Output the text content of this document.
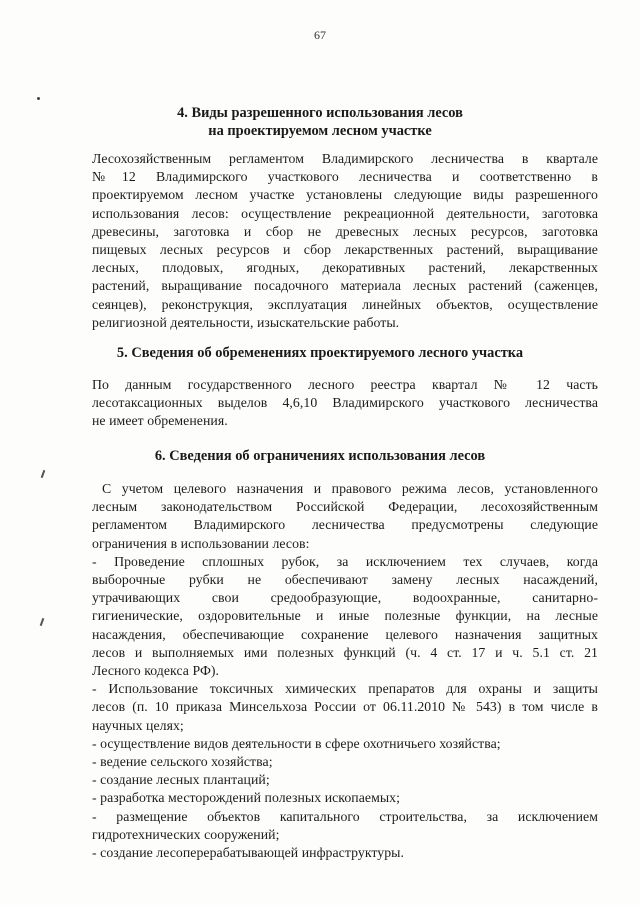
67
4. Виды разрешенного использования лесов
на проектируемом лесном участке
Лесохозяйственным регламентом Владимирского лесничества в квартале
№12 Владимирского участкового лесничества и соответственно в
проектируемом лесном участке установлены следующие виды разрешенного
использования лесов: осуществление рекреационной деятельности, заготовка
древесины, заготовка и сбор не древесных лесных ресурсов, заготовка
пищевых лесных ресурсов и сбор лекарственных растений, выращивание
лесных, плодовых, ягодных, декоративных растений, лекарственных
растений, выращивание посадочного материала лесных растений (саженцев,
сеянцев), реконструкция, эксплуатация линейных объектов, осуществление
религиозной деятельности, изыскательские работы.
5. Сведения об обременениях проектируемого лесного участка
По данным государственного лесного реестра квартал № 12 часть
лесотаксационных выделов 4,6,10 Владимирского участкового лесничества
не имеет обременения.
6. Сведения об ограничениях использования лесов
С учетом целевого назначения и правового режима лесов, установленного
лесным законодательством Российской Федерации, лесохозяйственным
регламентом Владимирского лесничества предусмотрены следующие
ограничения в использовании лесов:
- Проведение сплошных рубок, за исключением тех случаев, когда
выборочные рубки не обеспечивают замену лесных насаждений,
утрачивающих свои средообразующие, водоохранные, санитарно-
гигиенические, оздоровительные и иные полезные функции, на лесные
насаждения, обеспечивающие сохранение целевого назначения защитных
лесов и выполняемых ими полезных функций (ч. 4 ст. 17 и ч. 5.1 ст. 21
Лесного кодекса РФ).
- Использование токсичных химических препаратов для охраны и защиты
лесов (п. 10 приказа Минсельхоза России от 06.11.2010 № 543) в том числе в
научных целях;
- осуществление видов деятельности в сфере охотничьего хозяйства;
- ведение сельского хозяйства;
- создание лесных плантаций;
- разработка месторождений полезных ископаемых;
- размещение объектов капитального строительства, за исключением
гидротехнических сооружений;
- создание лесоперерабатывающей инфраструктуры.
